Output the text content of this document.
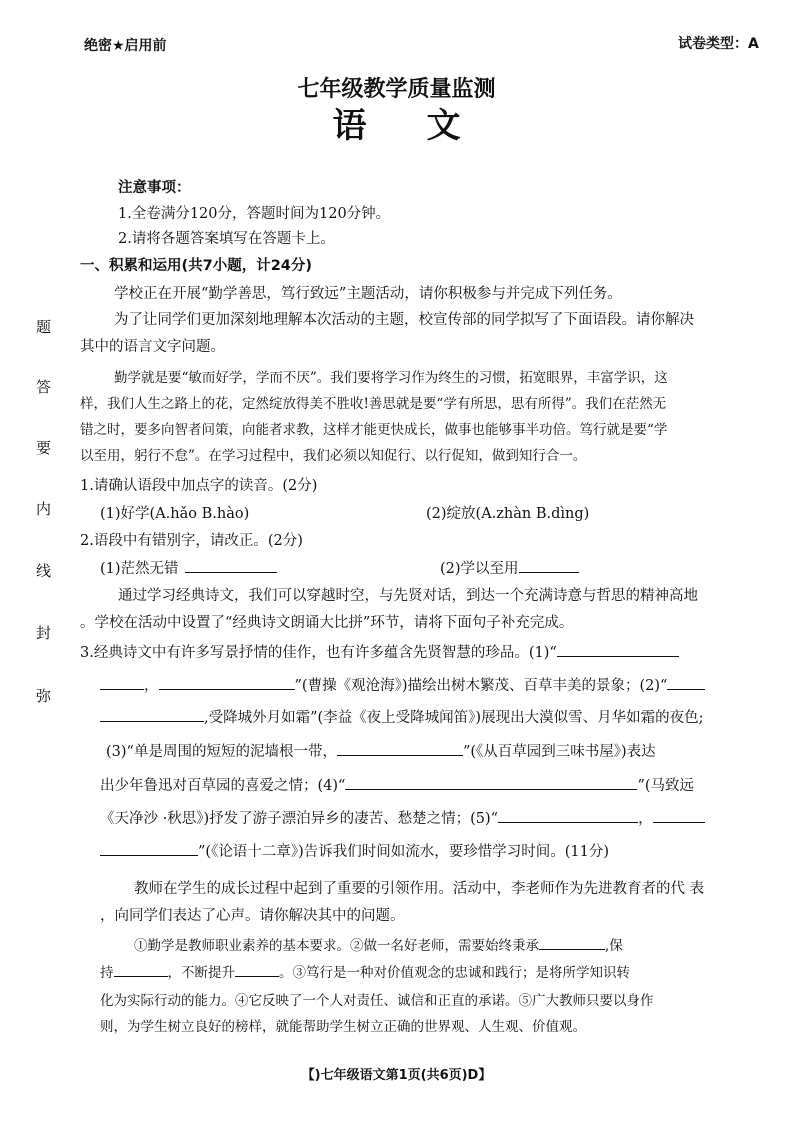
绝密★启用前	试卷类型：A
七年级教学质量监测
语文
注意事项：
1.全卷满分120分，答题时间为120分钟。
2.请将各题答案填写在答题卡上。
一、积累和运用(共7小题，计24分)
学校正在开展“勤学善思，笃行致远”主题活动，请你积极参与并完成下列任务。
为了让同学们更加深刻地理解本次活动的主题，校宣传部的同学拟写了下面语段。请你解决
其中的语言文字问题。
勤学就是要“敏而好学，学而不厌”。我们要将学习作为终生的习惯，拓宽眼界，丰富学识，这
样，我们人生之路上的花，定然绽放得美不胜收!善思就是要“学有所思，思有所得”。我们在茫然无
错之时，要多向智者问策，向能者求教，这样才能更快成长，做事也能够事半功倍。笃行就是要“学
以至用，躬行不怠”。在学习过程中，我们必须以知促行、以行促知，做到知行合一。
1.请确认语段中加点字的读音。(2分)
(1)好学(A.hǎo B.hào)	(2)绽放(A.zhàn B.dìng)
2.语段中有错别字，请改正。(2分)
(1)茫然无错	(2)学以至用
通过学习经典诗文，我们可以穿越时空，与先贤对话，到达一个充满诗意与哲思的精神高地
。学校在活动中设置了“经典诗文朗诵大比拼”环节，请将下面句子补充完成。
3.经典诗文中有许多写景抒情的佳作，也有许多蕴含先贤智慧的珍品。(1)“
，	”(曹操《观沧海》)描绘出树木繁茂、百草丰美的景象；(2)“
,受降城外月如霜”(李益《夜上受降城闻笛》)展现出大漠似雪、月华如霜的夜色;
(3)“单是周围的短短的泥墙根一带，	”(《从百草园到三味书屋》)表达
出少年鲁迅对百草园的喜爱之情；(4)“	”(马致远
《天净沙 ·秋思》)抒发了游子漂泊异乡的凄苦、愁楚之情；(5)“	，
”(《论语十二章》)告诉我们时间如流水，要珍惜学习时间。(11分)
教师在学生的成长过程中起到了重要的引领作用。活动中，李老师作为先进教育者的代 表
，向同学们表达了心声。请你解决其中的问题。
①勤学是教师职业素养的基本要求。②做一名好老师，需要始终秉承	,保
持	，不断提升	。③笃行是一种对价值观念的忠诚和践行；是将所学知识转
化为实际行动的能力。④它反映了一个人对责任、诚信和正直的承诺。⑤广大教师只要以身作
则，为学生树立良好的榜样，就能帮助学生树立正确的世界观、人生观、价值观。
题
答
要
内
线
封
弥
【)七年级语文第1页(共6页)D】
